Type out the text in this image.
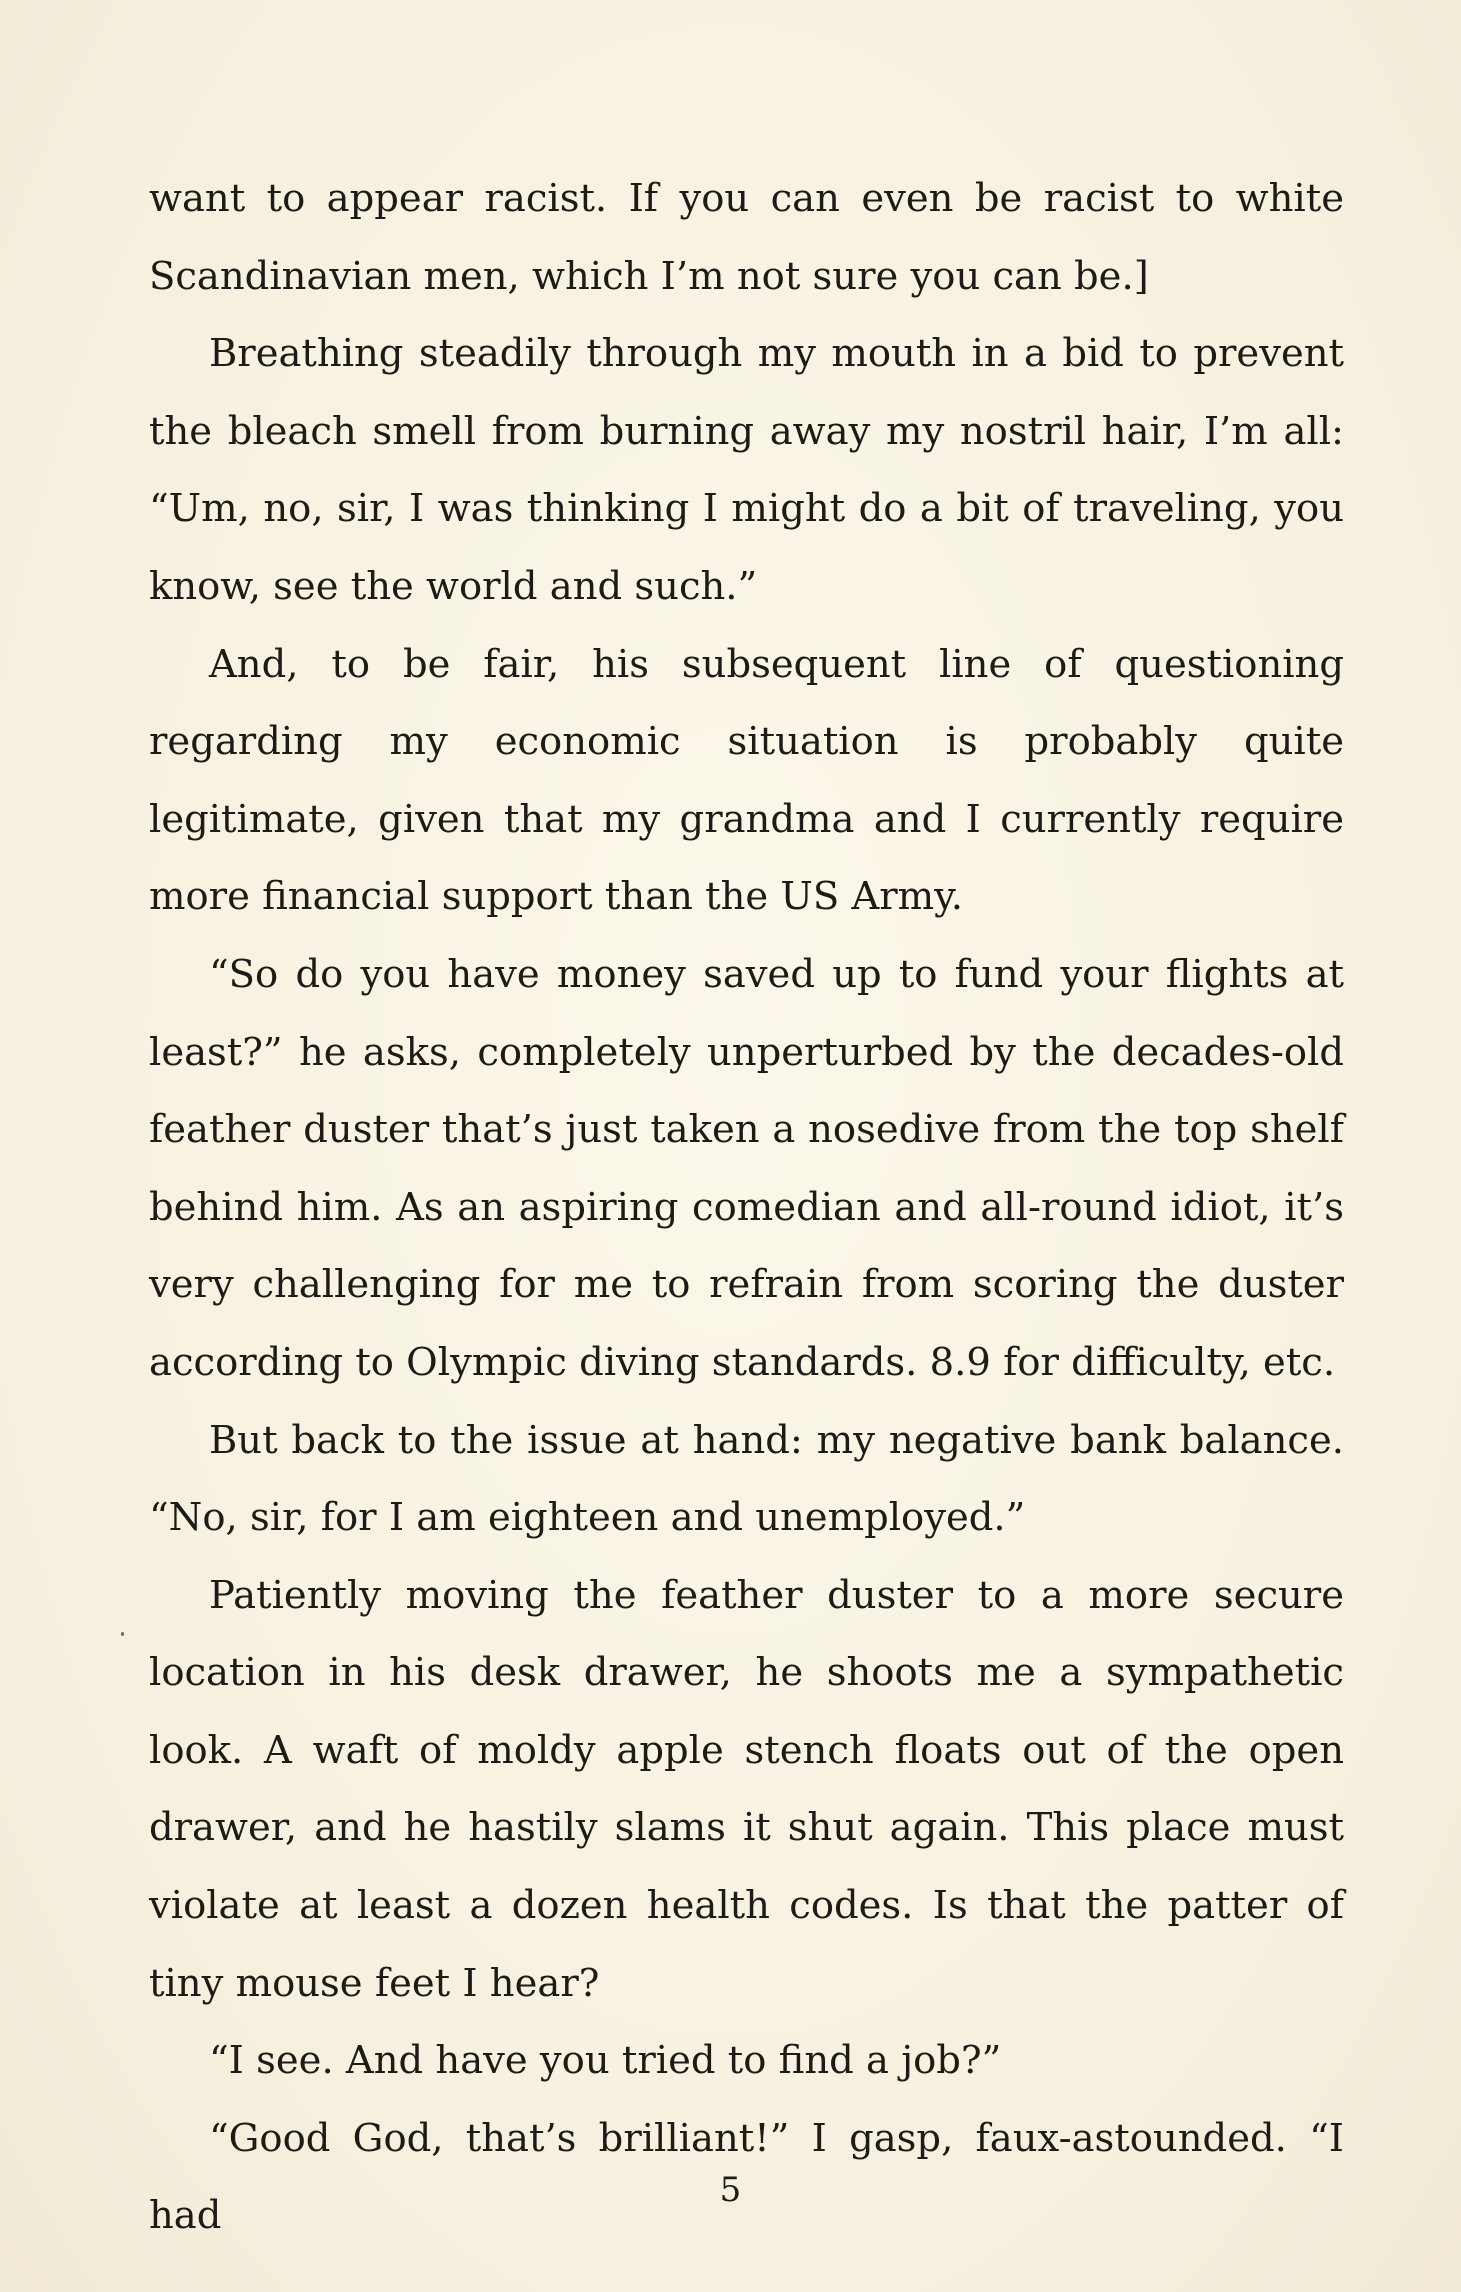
want to appear racist. If you can even be racist to white Scandinavian men, which I’m not sure you can be.]

Breathing steadily through my mouth in a bid to prevent the bleach smell from burning away my nostril hair, I’m all: “Um, no, sir, I was thinking I might do a bit of traveling, you know, see the world and such.”

And, to be fair, his subsequent line of questioning regarding my economic situation is probably quite legitimate, given that my grandma and I currently require more financial support than the US Army.

“So do you have money saved up to fund your flights at least?” he asks, completely unperturbed by the decades-old feather duster that’s just taken a nosedive from the top shelf behind him. As an aspiring comedian and all-round idiot, it’s very challenging for me to refrain from scoring the duster according to Olympic diving standards. 8.9 for difficulty, etc.

But back to the issue at hand: my negative bank balance. “No, sir, for I am eighteen and unemployed.”

Patiently moving the feather duster to a more secure location in his desk drawer, he shoots me a sympathetic look. A waft of moldy apple stench floats out of the open drawer, and he hastily slams it shut again. This place must violate at least a dozen health codes. Is that the patter of tiny mouse feet I hear?

“I see. And have you tried to find a job?”

“Good God, that’s brilliant!” I gasp, faux-astounded. “I had

5
